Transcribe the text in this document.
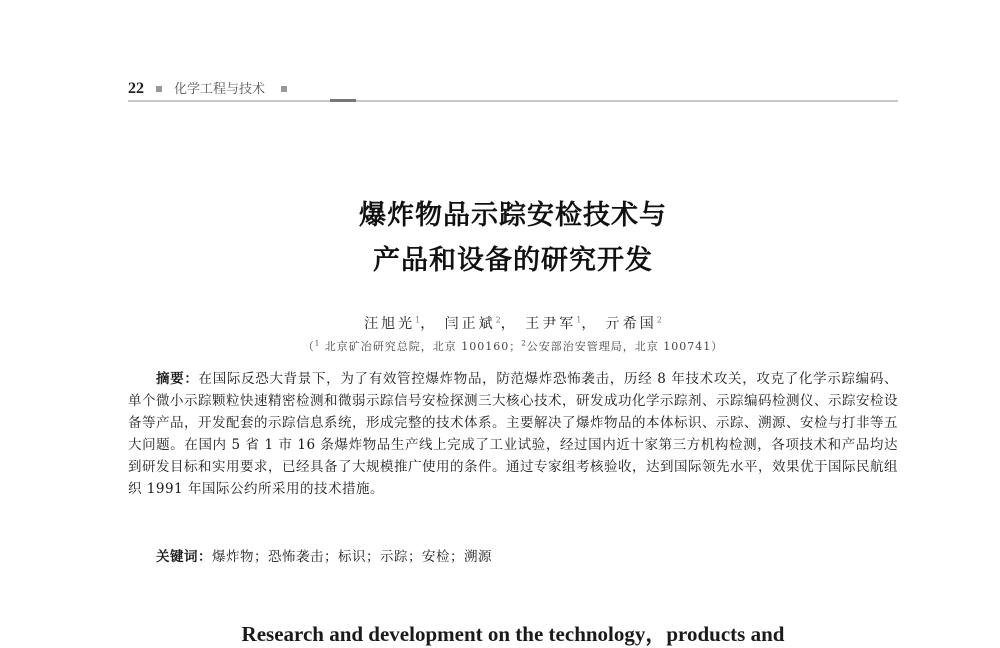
22 化学工程与技术
爆炸物品示踪安检技术与
产品和设备的研究开发
汪旭光$^1$， 闫正斌$^2$， 王尹军$^1$， 亓希国$^2$
（$^1$ 北京矿冶研究总院，北京 100160；$^2$公安部治安管理局，北京 100741）
摘要：在国际反恐大背景下，为了有效管控爆炸物品，防范爆炸恐怖袭击，历经 8 年技术攻关，攻克了化学示踪编码、单个微小示踪颗粒快速精密检测和微弱示踪信号安检探测三大核心技术，研发成功化学示踪剂、示踪编码检测仪、示踪安检设备等产品，开发配套的示踪信息系统，形成完整的技术体系。主要解决了爆炸物品的本体标识、示踪、溯源、安检与打非等五大问题。在国内 5 省 1 市 16 条爆炸物品生产线上完成了工业试验，经过国内近十家第三方机构检测，各项技术和产品均达到研发目标和实用要求，已经具备了大规模推广使用的条件。通过专家组考核验收，达到国际领先水平，效果优于国际民航组织 1991 年国际公约所采用的技术措施。
关键词：爆炸物；恐怖袭击；标识；示踪；安检；溯源
Research and development on the technology，products and
